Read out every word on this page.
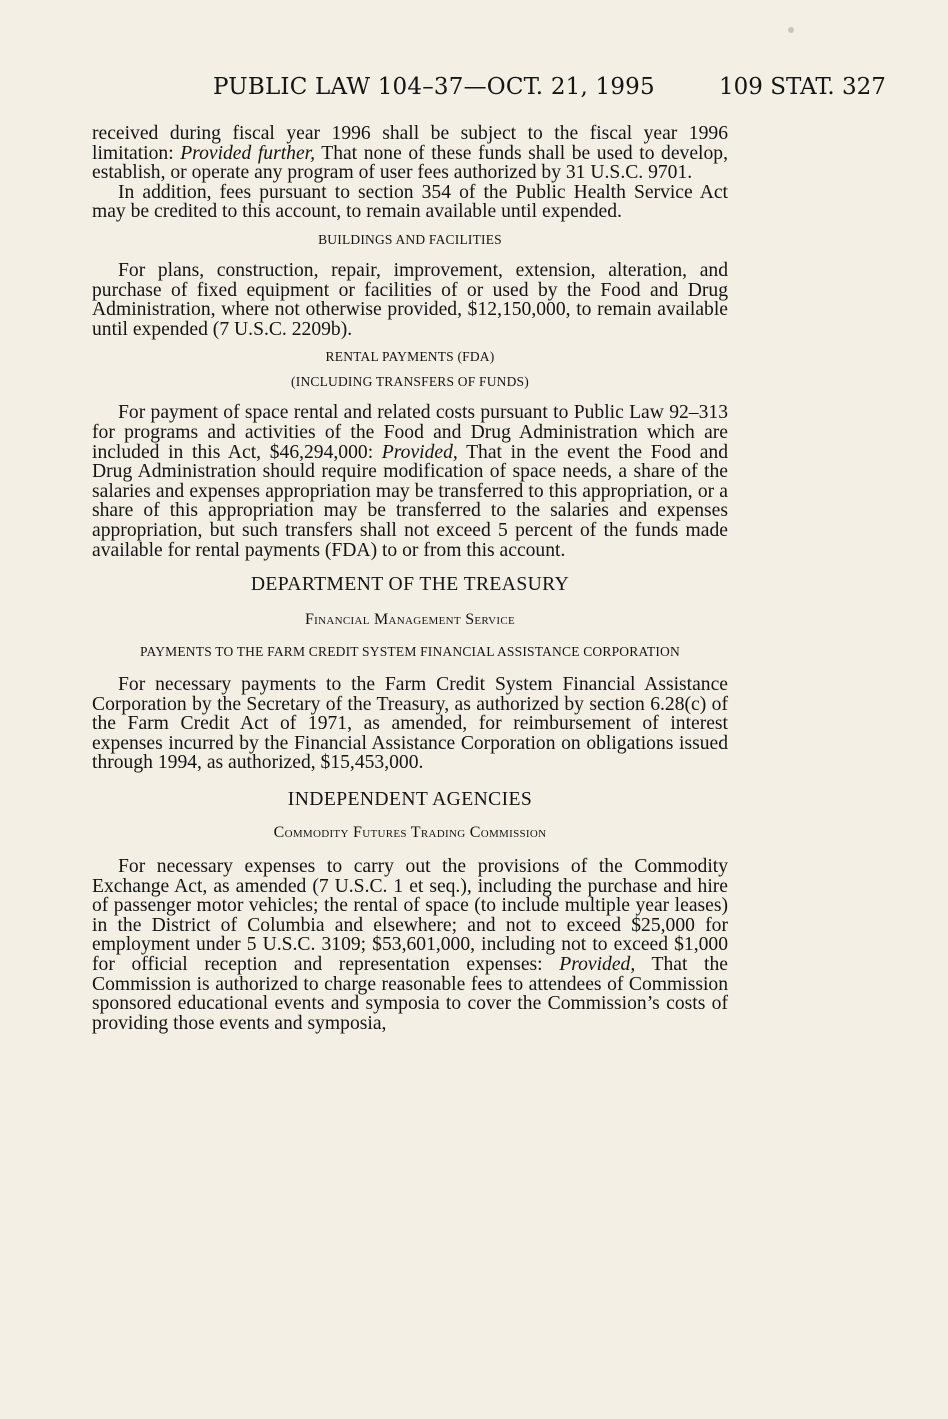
PUBLIC LAW 104–37—OCT. 21, 1995	109 STAT. 327

received during fiscal year 1996 shall be subject to the fiscal year 1996 limitation: Provided further, That none of these funds shall be used to develop, establish, or operate any program of user fees authorized by 31 U.S.C. 9701.

In addition, fees pursuant to section 354 of the Public Health Service Act may be credited to this account, to remain available until expended.

BUILDINGS AND FACILITIES

For plans, construction, repair, improvement, extension, alteration, and purchase of fixed equipment or facilities of or used by the Food and Drug Administration, where not otherwise provided, $12,150,000, to remain available until expended (7 U.S.C. 2209b).

RENTAL PAYMENTS (FDA)
(INCLUDING TRANSFERS OF FUNDS)

For payment of space rental and related costs pursuant to Public Law 92–313 for programs and activities of the Food and Drug Administration which are included in this Act, $46,294,000: Provided, That in the event the Food and Drug Administration should require modification of space needs, a share of the salaries and expenses appropriation may be transferred to this appropriation, or a share of this appropriation may be transferred to the salaries and expenses appropriation, but such transfers shall not exceed 5 percent of the funds made available for rental payments (FDA) to or from this account.

DEPARTMENT OF THE TREASURY
Financial Management Service
PAYMENTS TO THE FARM CREDIT SYSTEM FINANCIAL ASSISTANCE CORPORATION

For necessary payments to the Farm Credit System Financial Assistance Corporation by the Secretary of the Treasury, as authorized by section 6.28(c) of the Farm Credit Act of 1971, as amended, for reimbursement of interest expenses incurred by the Financial Assistance Corporation on obligations issued through 1994, as authorized, $15,453,000.

INDEPENDENT AGENCIES
Commodity Futures Trading Commission

For necessary expenses to carry out the provisions of the Commodity Exchange Act, as amended (7 U.S.C. 1 et seq.), including the purchase and hire of passenger motor vehicles; the rental of space (to include multiple year leases) in the District of Columbia and elsewhere; and not to exceed $25,000 for employment under 5 U.S.C. 3109; $53,601,000, including not to exceed $1,000 for official reception and representation expenses: Provided, That the Commission is authorized to charge reasonable fees to attendees of Commission sponsored educational events and symposia to cover the Commission’s costs of providing those events and symposia,
